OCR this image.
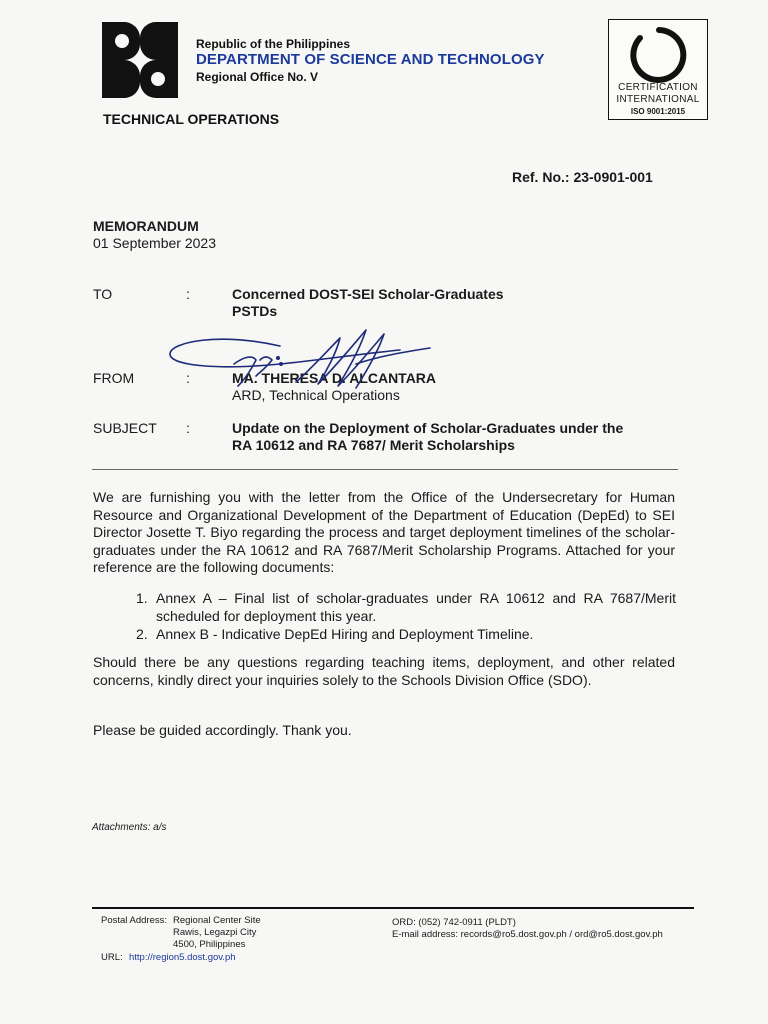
Republic of the Philippines
DEPARTMENT OF SCIENCE AND TECHNOLOGY
Regional Office No. V
TECHNICAL OPERATIONS
CERTIFICATION
INTERNATIONAL
ISO 9001:2015
Ref. No.: 23-0901-001
MEMORANDUM
01 September 2023
TO	:	Concerned DOST-SEI Scholar-Graduates
PSTDs
FROM	:	MA. THERESA D. ALCANTARA
ARD, Technical Operations
SUBJECT :	Update on the Deployment of Scholar-Graduates under the
RA 10612 and RA 7687/ Merit Scholarships

We are furnishing you with the letter from the Office of the Undersecretary for Human Resource and Organizational Development of the Department of Education (DepEd) to SEI Director Josette T. Biyo regarding the process and target deployment timelines of the scholar-graduates under the RA 10612 and RA 7687/Merit Scholarship Programs. Attached for your reference are the following documents:

1. Annex A – Final list of scholar-graduates under RA 10612 and RA 7687/Merit scheduled for deployment this year.
2. Annex B - Indicative DepEd Hiring and Deployment Timeline.

Should there be any questions regarding teaching items, deployment, and other related concerns, kindly direct your inquiries solely to the Schools Division Office (SDO).

Please be guided accordingly. Thank you.

Attachments: a/s
Postal Address: Regional Center Site
Rawis, Legazpi City
4500, Philippines
URL: http://region5.dost.gov.ph
ORD: (052) 742-0911 (PLDT)
E-mail address: records@ro5.dost.gov.ph / ord@ro5.dost.gov.ph
